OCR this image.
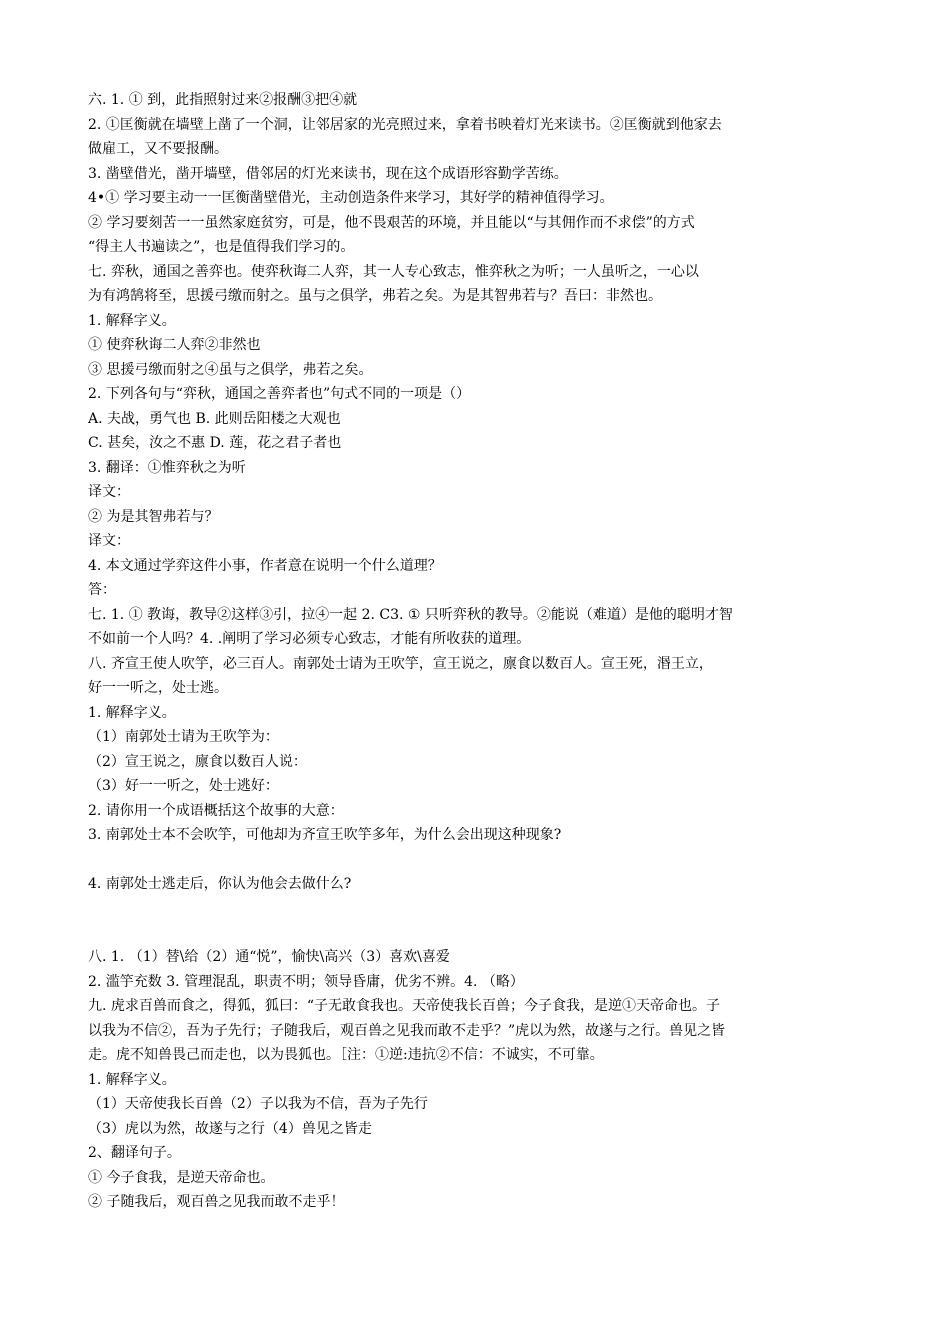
六. 1. ① 到，此指照射过来②报酬③把④就
2. ①匡衡就在墙壁上凿了一个洞，让邻居家的光亮照过来，拿着书映着灯光来读书。②匡衡就到他家去
做雇工，又不要报酬。
3. 凿壁借光，凿开墙壁，借邻居的灯光来读书，现在这个成语形容勤学苦练。
4•① 学习要主动一一匡衡凿壁借光，主动创造条件来学习，其好学的精神值得学习。
② 学习要刻苦一一虽然家庭贫穷，可是，他不畏艰苦的环境，并且能以“与其佣作而不求偿”的方式
“得主人书遍读之”，也是值得我们学习的。
七. 弈秋，通国之善弈也。使弈秋诲二人弈，其一人专心致志，惟弈秋之为听；一人虽听之，一心以
为有鸿鹄将至，思援弓缴而射之。虽与之俱学，弗若之矣。为是其智弗若与？吾曰：非然也。
1. 解释字义。
① 使弈秋诲二人弈②非然也
③ 思援弓缴而射之④虽与之俱学，弗若之矣。
2. 下列各句与“弈秋，通国之善弈者也”句式不同的一项是（）
A. 夫战，勇气也 B. 此则岳阳楼之大观也
C. 甚矣，汝之不惠 D. 莲，花之君子者也
3. 翻译：①惟弈秋之为听
译文：
② 为是其智弗若与？
译文：
4. 本文通过学弈这件小事，作者意在说明一个什么道理？
答：
七. 1. ① 教诲，教导②这样③引，拉④一起 2. C3. ① 只听弈秋的教导。②能说（难道）是他的聪明才智
不如前一个人吗？4. .阐明了学习必须专心致志，才能有所收获的道理。
八. 齐宣王使人吹竽，必三百人。南郭处士请为王吹竽，宣王说之，廪食以数百人。宣王死，湣王立，
好一一听之，处士逃。
1. 解释字义。
（1）南郭处士请为王吹竽为：
（2）宣王说之，廪食以数百人说：
（3）好一一听之，处士逃好：
2. 请你用一个成语概括这个故事的大意：
3. 南郭处士本不会吹竽，可他却为齐宣王吹竽多年，为什么会出现这种现象?
4. 南郭处士逃走后，你认为他会去做什么?
八. 1. （1）替\给（2）通“悦”，愉快\高兴（3）喜欢\喜爱
2. 滥竽充数 3. 管理混乱，职责不明；领导昏庸，优劣不辨。4. （略）
九. 虎求百兽而食之，得狐，狐曰：“子无敢食我也。天帝使我长百兽；今子食我，是逆①天帝命也。子
以我为不信②，吾为子先行；子随我后，观百兽之见我而敢不走乎？”虎以为然，故遂与之行。兽见之皆
走。虎不知兽畏己而走也，以为畏狐也。［注：①逆:违抗②不信：不诚实，不可靠。
1. 解释字义。
（1）天帝使我长百兽（2）子以我为不信，吾为子先行
（3）虎以为然，故遂与之行（4）兽见之皆走
2、翻译句子。
① 今子食我，是逆天帝命也。
② 子随我后，观百兽之见我而敢不走乎！
